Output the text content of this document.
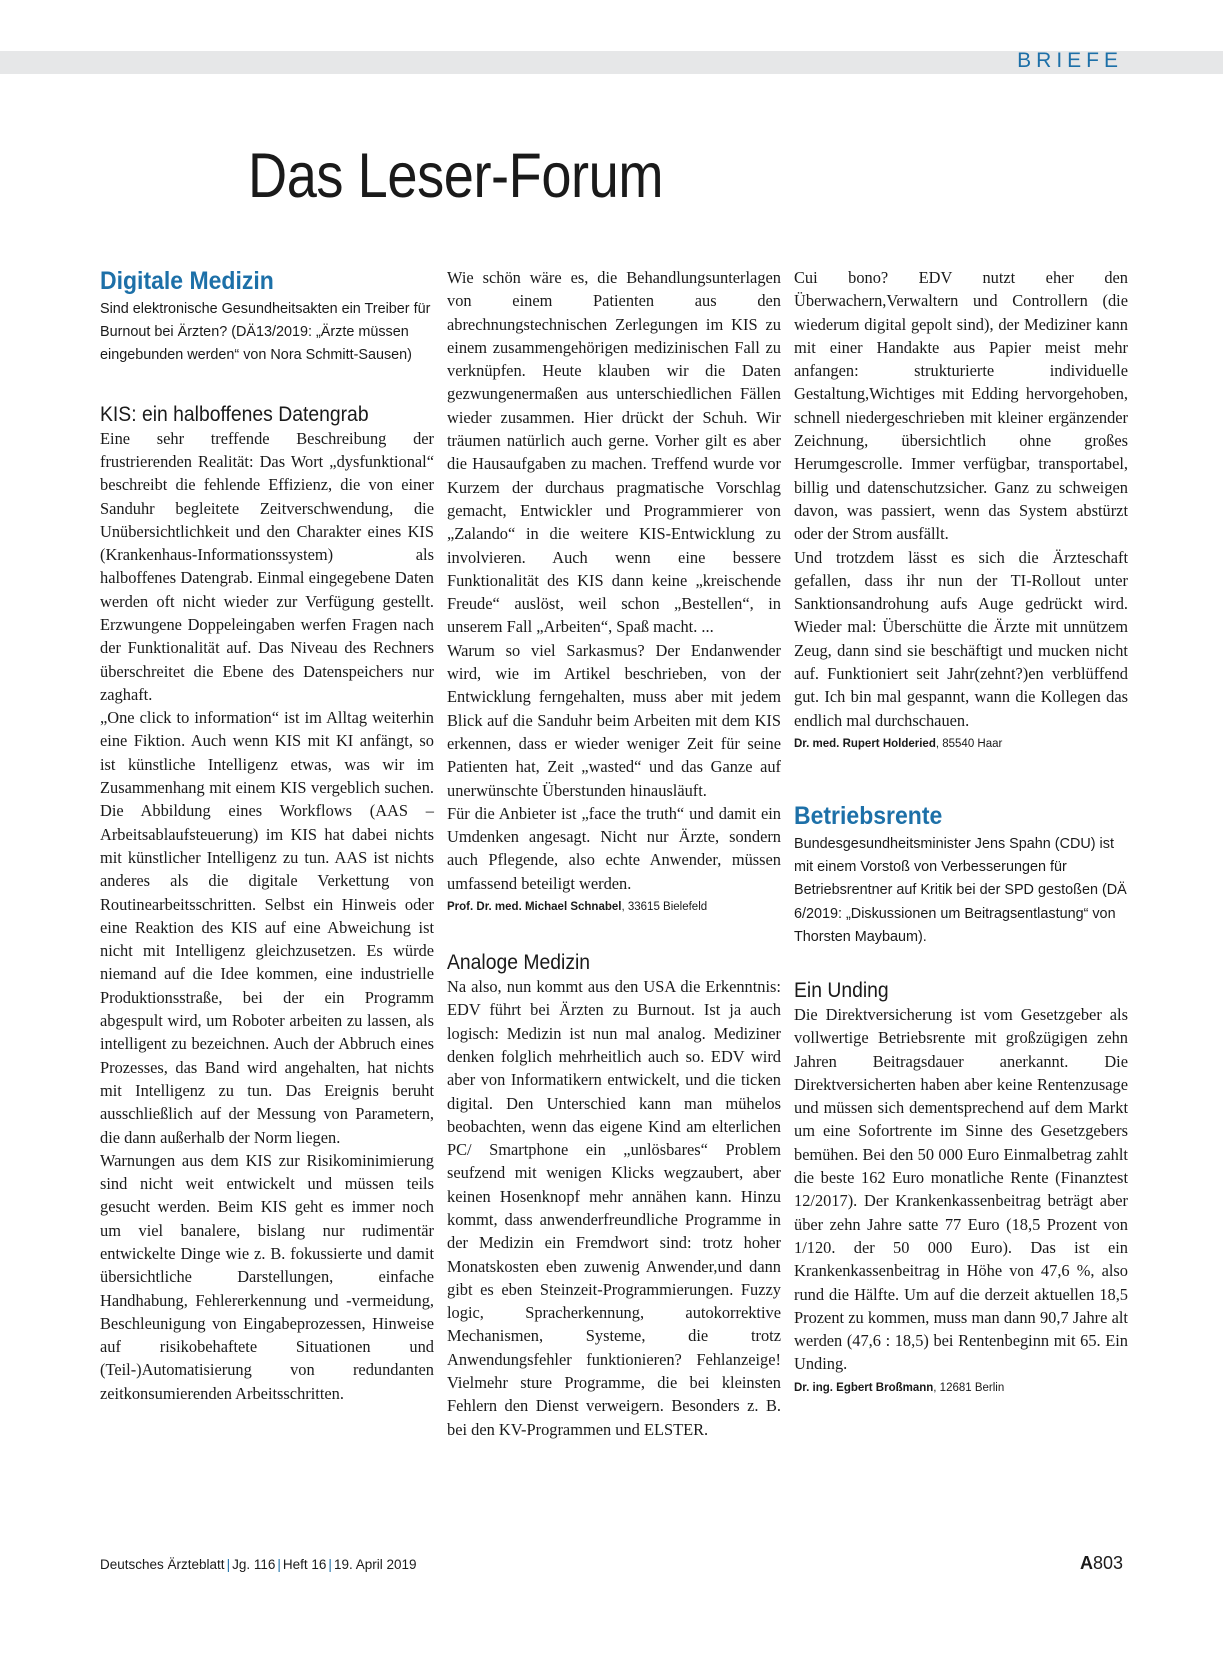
BRIEFE
Das Leser-Forum
Digitale Medizin
Sind elektronische Gesundheitsakten ein Treiber für Burnout bei Ärzten? (DÄ13/2019: „Ärzte müssen eingebunden werden“ von Nora Schmitt-Sausen)
KIS: ein halboffenes Datengrab

Eine sehr treffende Beschreibung der frustrierenden Realität: Das Wort „dysfunktional“ beschreibt die fehlende Effizienz, die von einer Sanduhr begleitete Zeitverschwendung, die Unübersichtlichkeit und den Charakter eines KIS (Krankenhaus-Informationssystem) als halboffenes Datengrab. Einmal eingegebene Daten werden oft nicht wieder zur Verfügung gestellt. Erzwungene Doppeleingaben werfen Fragen nach der Funktionalität auf. Das Niveau des Rechners überschreitet die Ebene des Datenspeichers nur zaghaft.

„One click to information“ ist im Alltag weiterhin eine Fiktion. Auch wenn KIS mit KI anfängt, so ist künstliche Intelligenz etwas, was wir im Zusammenhang mit einem KIS vergeblich suchen. Die Abbildung eines Workflows (AAS – Arbeitsablaufsteuerung) im KIS hat dabei nichts mit künstlicher Intelligenz zu tun. AAS ist nichts anderes als die digitale Verkettung von Routinearbeitsschritten. Selbst ein Hinweis oder eine Reaktion des KIS auf eine Abweichung ist nicht mit Intelligenz gleichzusetzen. Es würde niemand auf die Idee kommen, eine industrielle Produktionsstraße, bei der ein Programm abgespult wird, um Roboter arbeiten zu lassen, als intelligent zu bezeichnen. Auch der Abbruch eines Prozesses, das Band wird angehalten, hat nichts mit Intelligenz zu tun. Das Ereignis beruht ausschließlich auf der Messung von Parametern, die dann außerhalb der Norm liegen.

Warnungen aus dem KIS zur Risikominimierung sind nicht weit entwickelt und müssen teils gesucht werden. Beim KIS geht es immer noch um viel banalere, bislang nur rudimentär entwickelte Dinge wie z. B. fokussierte und damit übersichtliche Darstellungen, einfache Handhabung, Fehlererkennung und -vermeidung, Beschleunigung von Eingabeprozessen, Hinweise auf risikobehaftete Situationen und (Teil-)Automatisierung von redundanten zeitkonsumierenden Arbeitsschritten.

Wie schön wäre es, die Behandlungsunterlagen von einem Patienten aus den abrechnungstechnischen Zerlegungen im KIS zu einem zusammengehörigen medizinischen Fall zu verknüpfen. Heute klauben wir die Daten gezwungenermaßen aus unterschiedlichen Fällen wieder zusammen. Hier drückt der Schuh. Wir träumen natürlich auch gerne. Vorher gilt es aber die Hausaufgaben zu machen. Treffend wurde vor Kurzem der durchaus pragmatische Vorschlag gemacht, Entwickler und Programmierer von „Zalando“ in die weitere KIS-Entwicklung zu involvieren. Auch wenn eine bessere Funktionalität des KIS dann keine „kreischende Freude“ auslöst, weil schon „Bestellen“, in unserem Fall „Arbeiten“, Spaß macht. ...

Warum so viel Sarkasmus? Der Endanwender wird, wie im Artikel beschrieben, von der Entwicklung ferngehalten, muss aber mit jedem Blick auf die Sanduhr beim Arbeiten mit dem KIS erkennen, dass er wieder weniger Zeit für seine Patienten hat, Zeit „wasted“ und das Ganze auf unerwünschte Überstunden hinausläuft.

Für die Anbieter ist „face the truth“ und damit ein Umdenken angesagt. Nicht nur Ärzte, sondern auch Pflegende, also echte Anwender, müssen umfassend beteiligt werden.

Prof. Dr. med. Michael Schnabel, 33615 Bielefeld
Analoge Medizin

Na also, nun kommt aus den USA die Erkenntnis: EDV führt bei Ärzten zu Burnout. Ist ja auch logisch: Medizin ist nun mal analog. Mediziner denken folglich mehrheitlich auch so. EDV wird aber von Informatikern entwickelt, und die ticken digital. Den Unterschied kann man mühelos beobachten, wenn das eigene Kind am elterlichen PC/ Smartphone ein „unlösbares“ Problem seufzend mit wenigen Klicks wegzaubert, aber keinen Hosenknopf mehr annähen kann. Hinzu kommt, dass anwenderfreundliche Programme in der Medizin ein Fremdwort sind: trotz hoher Monatskosten eben zuwenig Anwender,und dann gibt es eben Steinzeit-Programmierungen. Fuzzy logic, Spracherkennung, autokorrektive Mechanismen, Systeme, die trotz Anwendungsfehler funktionieren? Fehlanzeige! Vielmehr sture Programme, die bei kleinsten Fehlern den Dienst verweigern. Besonders z. B. bei den KV-Programmen und ELSTER.

Cui bono? EDV nutzt eher den Überwachern,Verwaltern und Controllern (die wiederum digital gepolt sind), der Mediziner kann mit einer Handakte aus Papier meist mehr anfangen: strukturierte individuelle Gestaltung,Wichtiges mit Edding hervorgehoben, schnell niedergeschrieben mit kleiner ergänzender Zeichnung, übersichtlich ohne großes Herumgescrolle. Immer verfügbar, transportabel, billig und datenschutzsicher. Ganz zu schweigen davon, was passiert, wenn das System abstürzt oder der Strom ausfällt.

Und trotzdem lässt es sich die Ärzteschaft gefallen, dass ihr nun der TI-Rollout unter Sanktionsandrohung aufs Auge gedrückt wird. Wieder mal: Überschütte die Ärzte mit unnützem Zeug, dann sind sie beschäftigt und mucken nicht auf. Funktioniert seit Jahr(zehnt?)en verblüffend gut. Ich bin mal gespannt, wann die Kollegen das endlich mal durchschauen.

Dr. med. Rupert Holderied, 85540 Haar
Betriebsrente
Bundesgesundheitsminister Jens Spahn (CDU) ist mit einem Vorstoß von Verbesserungen für Betriebsrentner auf Kritik bei der SPD gestoßen (DÄ 6/2019: „Diskussionen um Beitragsentlastung“ von Thorsten Maybaum).
Ein Unding

Die Direktversicherung ist vom Gesetzgeber als vollwertige Betriebsrente mit großzügigen zehn Jahren Beitragsdauer anerkannt. Die Direktversicherten haben aber keine Rentenzusage und müssen sich dementsprechend auf dem Markt um eine Sofortrente im Sinne des Gesetzgebers bemühen. Bei den 50 000 Euro Einmalbetrag zahlt die beste 162 Euro monatliche Rente (Finanztest 12/2017). Der Krankenkassenbeitrag beträgt aber über zehn Jahre satte 77 Euro (18,5 Prozent von 1/120. der 50 000 Euro). Das ist ein Krankenkassenbeitrag in Höhe von 47,6 %, also rund die Hälfte. Um auf die derzeit aktuellen 18,5 Prozent zu kommen, muss man dann 90,7 Jahre alt werden (47,6 : 18,5) bei Rentenbeginn mit 65. Ein Unding.

Dr. ing. Egbert Broßmann, 12681 Berlin
Deutsches Ärzteblatt | Jg. 116 | Heft 16 | 19. April 2019	A803
